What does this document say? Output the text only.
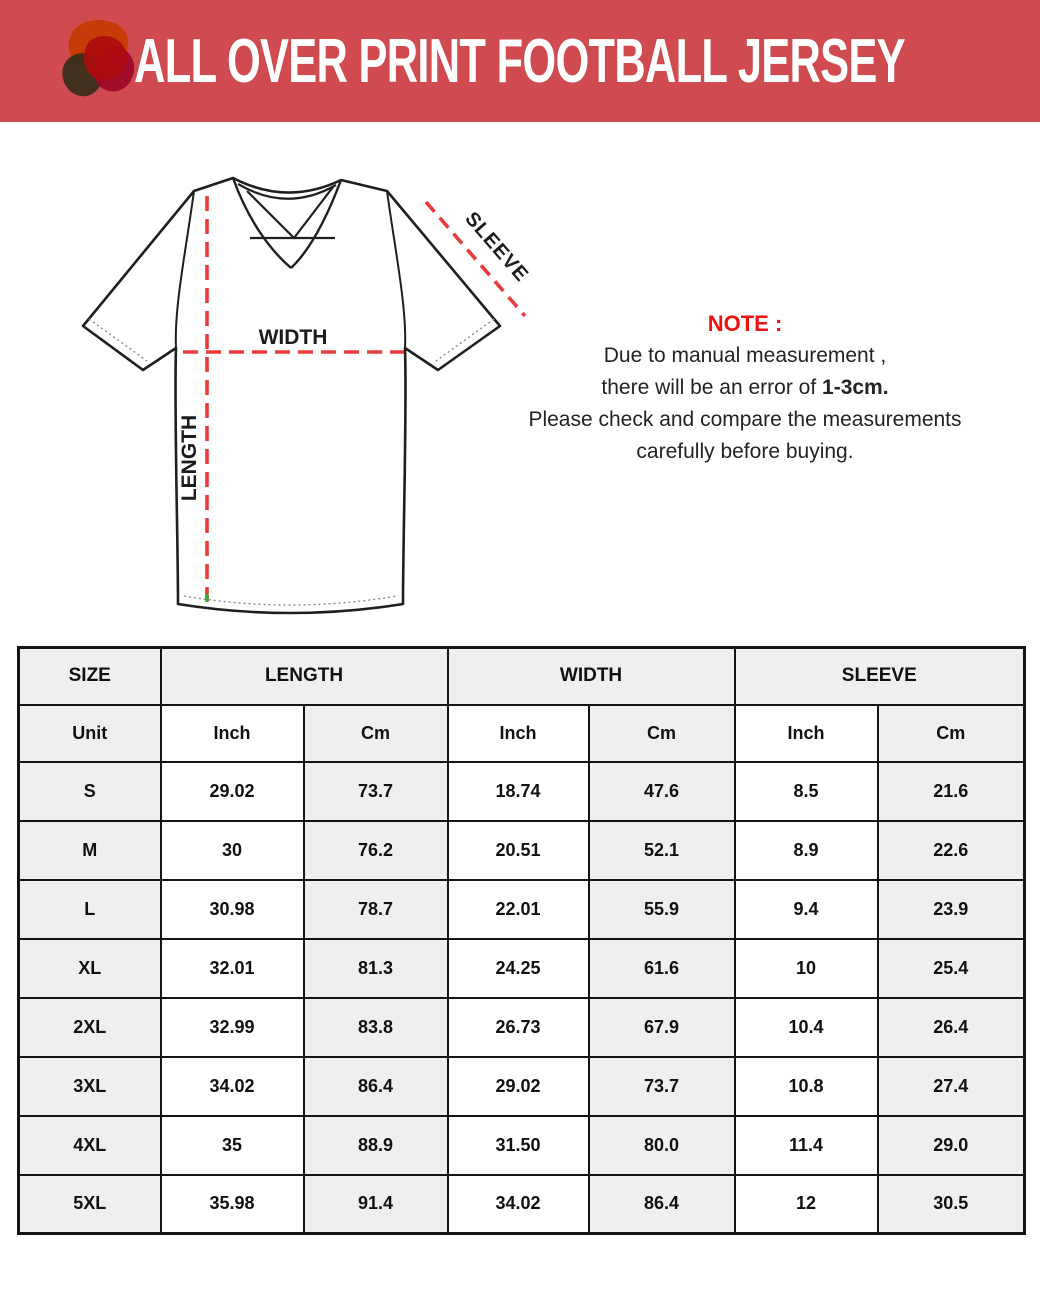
ALL OVER PRINT FOOTBALL JERSEY
WIDTH
LENGTH
SLEEVE
NOTE :
Due to manual measurement ,
there will be an error of 1-3cm.
Please check and compare the measurements
carefully before buying.
SIZE	LENGTH		WIDTH		SLEEVE	
Unit	Inch	Cm	Inch	Cm	Inch	Cm
S	29.02	73.7	18.74	47.6	8.5	21.6
M	30	76.2	20.51	52.1	8.9	22.6
L	30.98	78.7	22.01	55.9	9.4	23.9
XL	32.01	81.3	24.25	61.6	10	25.4
2XL	32.99	83.8	26.73	67.9	10.4	26.4
3XL	34.02	86.4	29.02	73.7	10.8	27.4
4XL	35	88.9	31.50	80.0	11.4	29.0
5XL	35.98	91.4	34.02	86.4	12	30.5
